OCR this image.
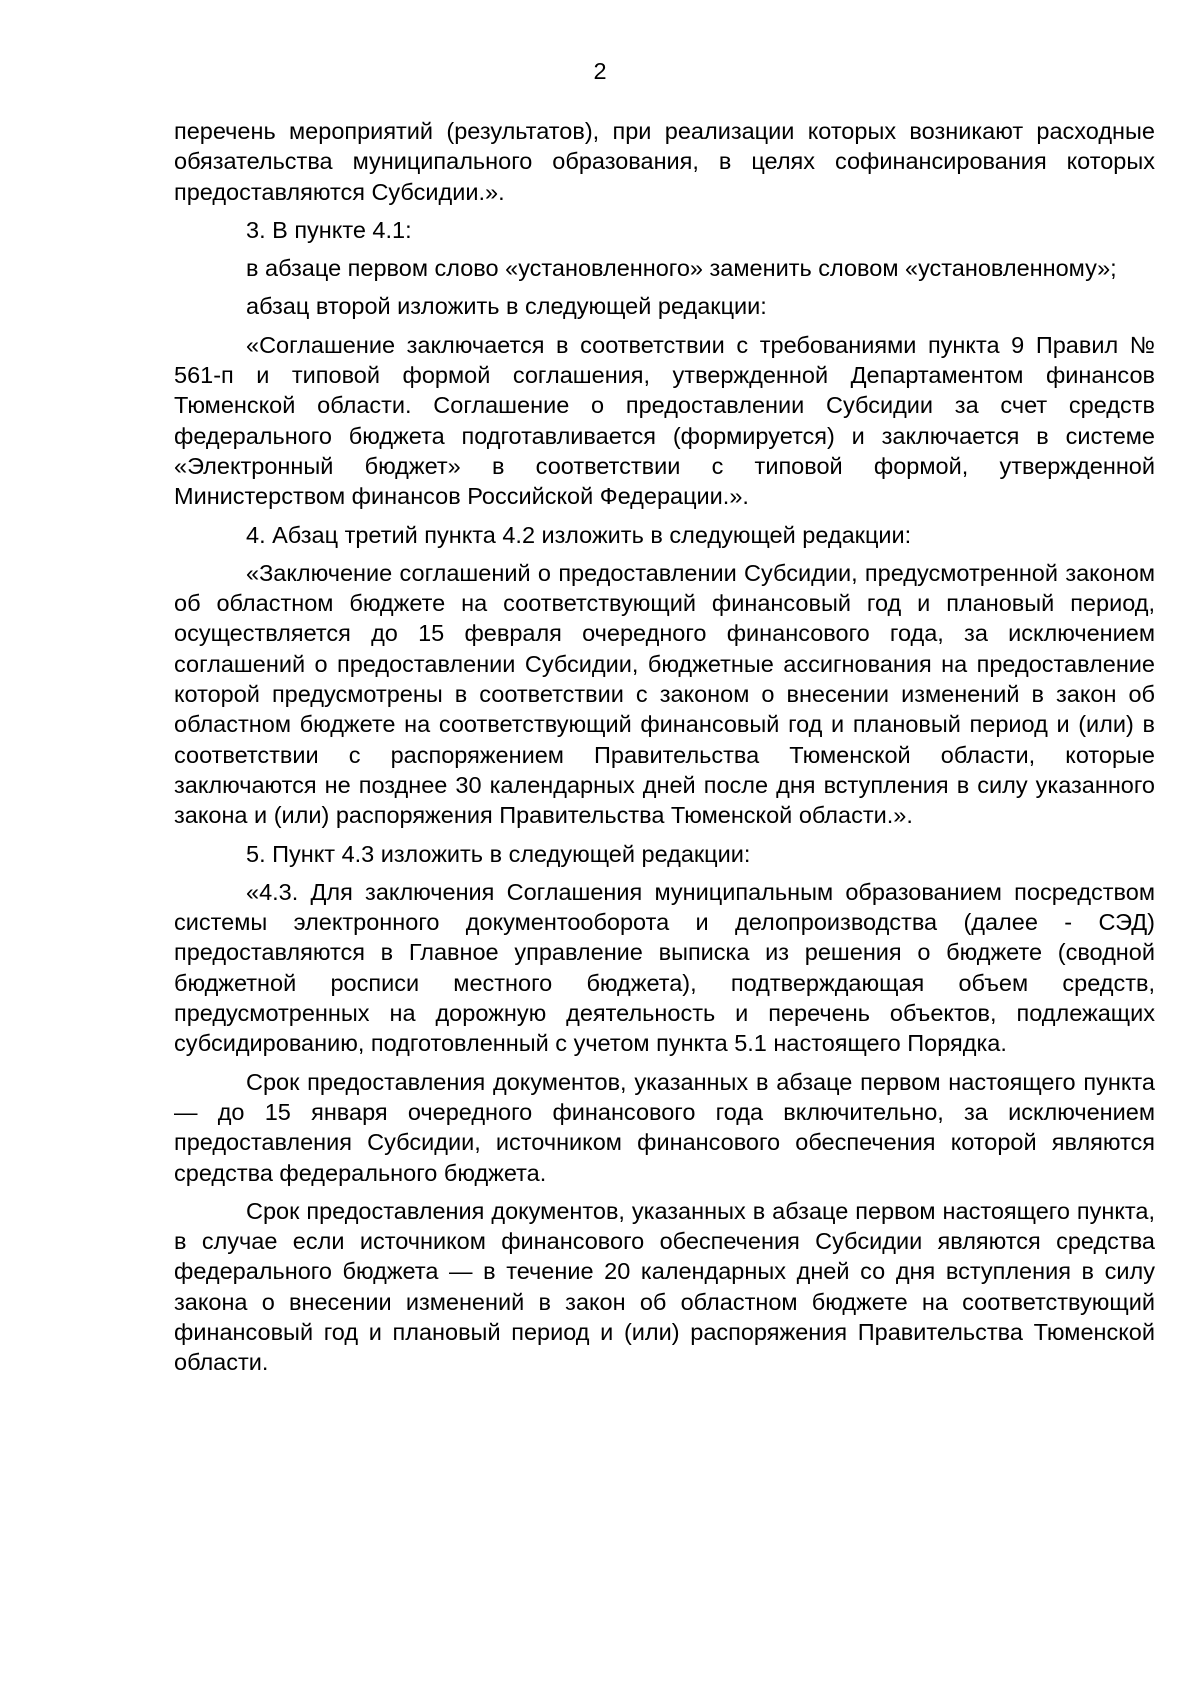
2

перечень мероприятий (результатов), при реализации которых возникают расходные обязательства муниципального образования, в целях софинансирования которых предоставляются Субсидии.».

3. В пункте 4.1:

в абзаце первом слово «установленного» заменить словом «установленному»;

абзац второй изложить в следующей редакции:

«Соглашение заключается в соответствии с требованиями пункта 9 Правил № 561-п и типовой формой соглашения, утвержденной Департаментом финансов Тюменской области. Соглашение о предоставлении Субсидии за счет средств федерального бюджета подготавливается (формируется) и заключается в системе «Электронный бюджет» в соответствии с типовой формой, утвержденной Министерством финансов Российской Федерации.».

4. Абзац третий пункта 4.2 изложить в следующей редакции:

«Заключение соглашений о предоставлении Субсидии, предусмотренной законом об областном бюджете на соответствующий финансовый год и плановый период, осуществляется до 15 февраля очередного финансового года, за исключением соглашений о предоставлении Субсидии, бюджетные ассигнования на предоставление которой предусмотрены в соответствии с законом о внесении изменений в закон об областном бюджете на соответствующий финансовый год и плановый период и (или) в соответствии с распоряжением Правительства Тюменской области, которые заключаются не позднее 30 календарных дней после дня вступления в силу указанного закона и (или) распоряжения Правительства Тюменской области.».

5. Пункт 4.3 изложить в следующей редакции:

«4.3. Для заключения Соглашения муниципальным образованием посредством системы электронного документооборота и делопроизводства (далее - СЭД) предоставляются в Главное управление выписка из решения о бюджете (сводной бюджетной росписи местного бюджета), подтверждающая объем средств, предусмотренных на дорожную деятельность и перечень объектов, подлежащих субсидированию, подготовленный с учетом пункта 5.1 настоящего Порядка.

Срок предоставления документов, указанных в абзаце первом настоящего пункта — до 15 января очередного финансового года включительно, за исключением предоставления Субсидии, источником финансового обеспечения которой являются средства федерального бюджета.

Срок предоставления документов, указанных в абзаце первом настоящего пункта, в случае если источником финансового обеспечения Субсидии являются средства федерального бюджета — в течение 20 календарных дней со дня вступления в силу закона о внесении изменений в закон об областном бюджете на соответствующий финансовый год и плановый период и (или) распоряжения Правительства Тюменской области.
